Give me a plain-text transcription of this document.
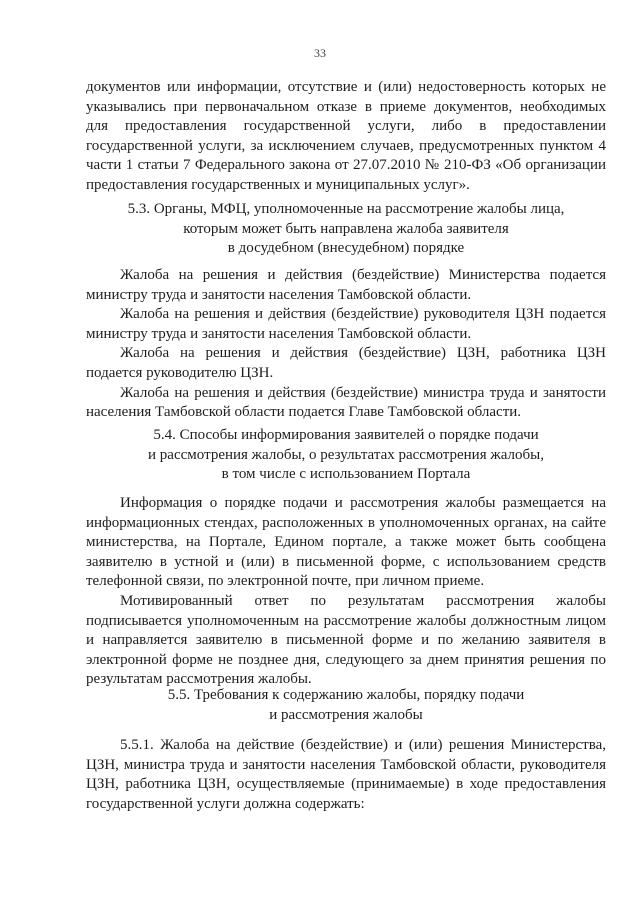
33
документов или информации, отсутствие и (или) недостоверность которых не
указывались при первоначальном отказе в приеме документов, необходимых
для предоставления государственной услуги, либо в предоставлении
государственной услуги, за исключением случаев, предусмотренных пунктом 4
части 1 статьи 7 Федерального закона от 27.07.2010 № 210-ФЗ «Об организации
предоставления государственных и муниципальных услуг».
5.3. Органы, МФЦ, уполномоченные на рассмотрение жалобы лица,
которым может быть направлена жалоба заявителя
в досудебном (внесудебном) порядке
Жалоба на решения и действия (бездействие) Министерства подается
министру труда и занятости населения Тамбовской области.
Жалоба на решения и действия (бездействие) руководителя ЦЗН подается
министру труда и занятости населения Тамбовской области.
Жалоба на решения и действия (бездействие) ЦЗН, работника ЦЗН
подается руководителю ЦЗН.
Жалоба на решения и действия (бездействие) министра труда и занятости
населения Тамбовской области подается Главе Тамбовской области.
5.4. Способы информирования заявителей о порядке подачи
и рассмотрения жалобы, о результатах рассмотрения жалобы,
в том числе с использованием Портала
Информация о порядке подачи и рассмотрения жалобы размещается на
информационных стендах, расположенных в уполномоченных органах, на сайте
министерства, на Портале, Едином портале, а также может быть сообщена
заявителю в устной и (или) в письменной форме, с использованием средств
телефонной связи, по электронной почте, при личном приеме.
Мотивированный ответ по результатам рассмотрения жалобы
подписывается уполномоченным на рассмотрение жалобы должностным лицом
и направляется заявителю в письменной форме и по желанию заявителя в
электронной форме не позднее дня, следующего за днем принятия решения по
результатам рассмотрения жалобы.
5.5. Требования к содержанию жалобы, порядку подачи
и рассмотрения жалобы
5.5.1. Жалоба на действие (бездействие) и (или) решения Министерства,
ЦЗН, министра труда и занятости населения Тамбовской области, руководителя
ЦЗН, работника ЦЗН, осуществляемые (принимаемые) в ходе предоставления
государственной услуги должна содержать:
